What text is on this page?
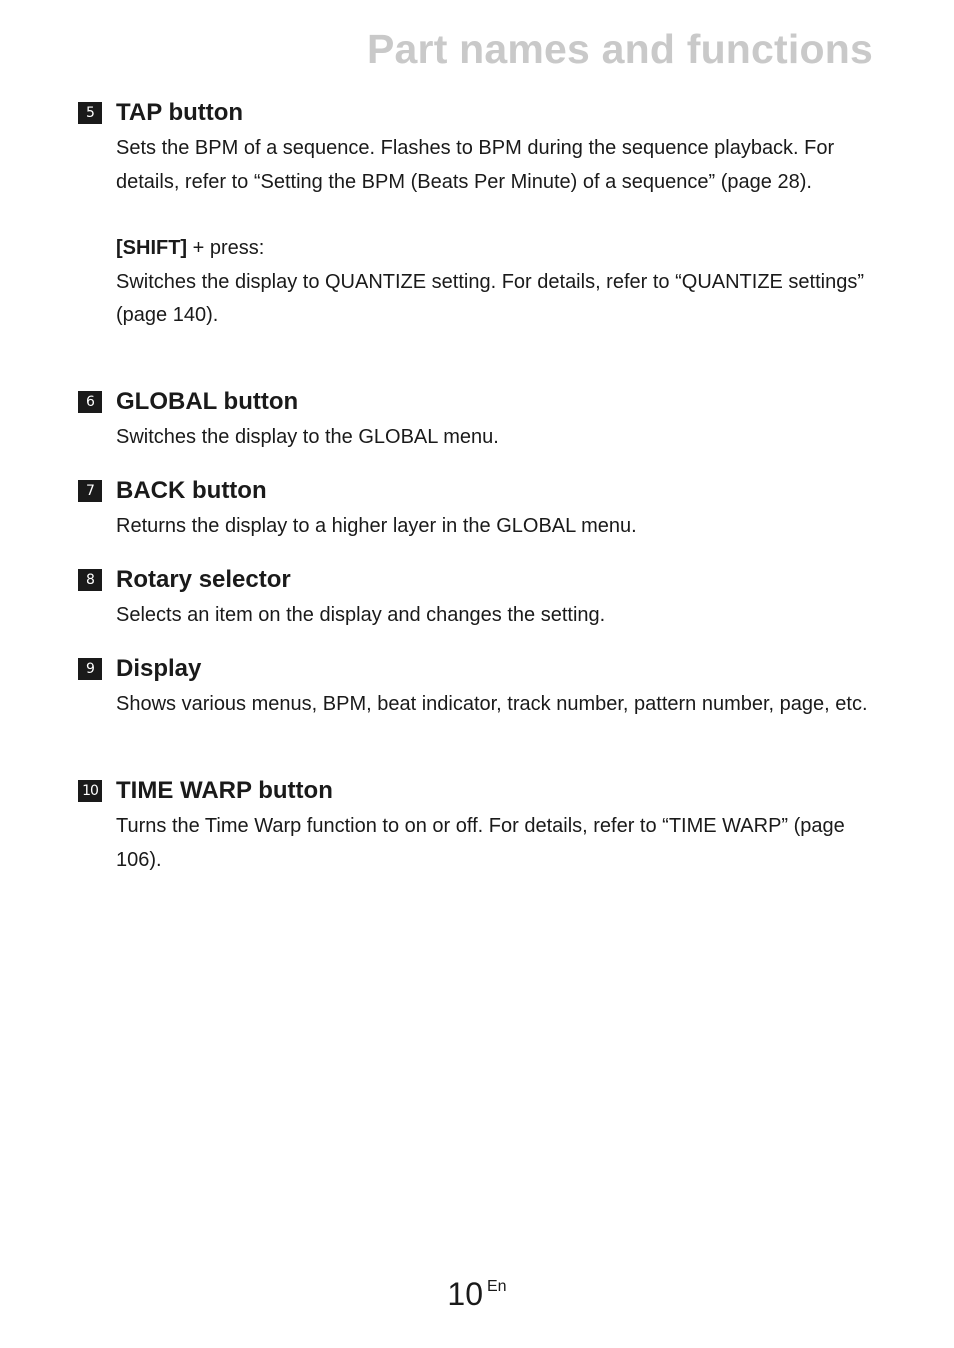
Part names and functions
5 TAP button

Sets the BPM of a sequence. Flashes to BPM during the sequence playback. For details, refer to “Setting the BPM (Beats Per Minute) of a sequence” (page 28).

[SHIFT] + press:

Switches the display to QUANTIZE setting. For details, refer to “QUANTIZE settings” (page 140).

6 GLOBAL button

Switches the display to the GLOBAL menu.

7 BACK button

Returns the display to a higher layer in the GLOBAL menu.

8 Rotary selector

Selects an item on the display and changes the setting.

9 Display

Shows various menus, BPM, beat indicator, track number, pattern number, page, etc.

10 TIME WARP button

Turns the Time Warp function to on or off. For details, refer to “TIME WARP” (page 106).

10 En
